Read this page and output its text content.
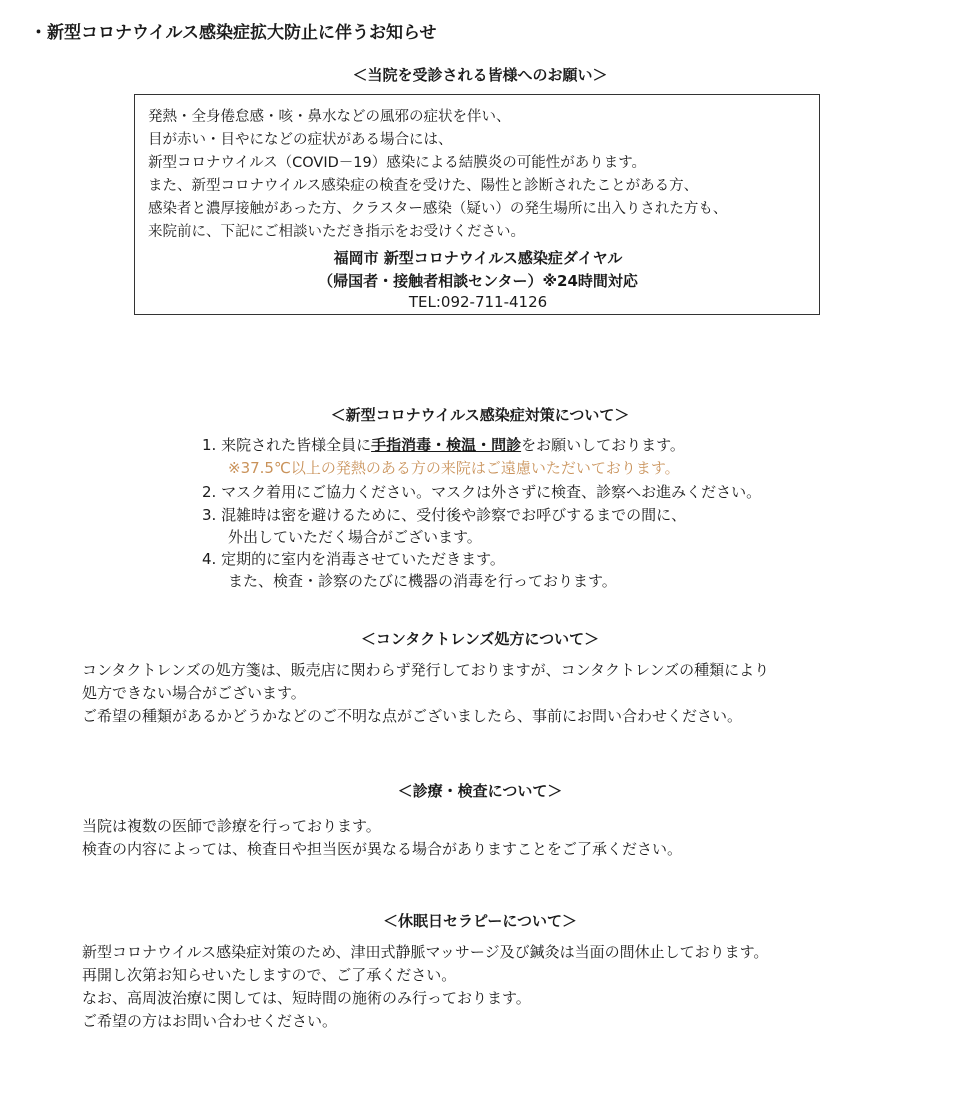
・新型コロナウイルス感染症拡大防止に伴うお知らせ
＜当院を受診される皆様へのお願い＞
発熱・全身倦怠感・咳・鼻水などの風邪の症状を伴い、
目が赤い・目やになどの症状がある場合には、
新型コロナウイルス（COVID－19）感染による結膜炎の可能性があります。
また、新型コロナウイルス感染症の検査を受けた、陽性と診断されたことがある方、
感染者と濃厚接触があった方、クラスター感染（疑い）の発生場所に出入りされた方も、
来院前に、下記にご相談いただき指示をお受けください。
福岡市 新型コロナウイルス感染症ダイヤル
（帰国者・接触者相談センター）※24時間対応
TEL:092-711-4126
＜新型コロナウイルス感染症対策について＞
1. 来院された皆様全員に手指消毒・検温・問診をお願いしております。
※37.5℃以上の発熱のある方の来院はご遠慮いただいております。
2. マスク着用にご協力ください。マスクは外さずに検査、診察へお進みください。
3. 混雑時は密を避けるために、受付後や診察でお呼びするまでの間に、
外出していただく場合がございます。
4. 定期的に室内を消毒させていただきます。
また、検査・診察のたびに機器の消毒を行っております。
＜コンタクトレンズ処方について＞
コンタクトレンズの処方箋は、販売店に関わらず発行しておりますが、コンタクトレンズの種類により
処方できない場合がございます。
ご希望の種類があるかどうかなどのご不明な点がございましたら、事前にお問い合わせください。
＜診療・検査について＞
当院は複数の医師で診療を行っております。
検査の内容によっては、検査日や担当医が異なる場合がありますことをご了承ください。
＜休眠日セラピーについて＞
新型コロナウイルス感染症対策のため、津田式静脈マッサージ及び鍼灸は当面の間休止しております。
再開し次第お知らせいたしますので、ご了承ください。
なお、高周波治療に関しては、短時間の施術のみ行っております。
ご希望の方はお問い合わせください。
